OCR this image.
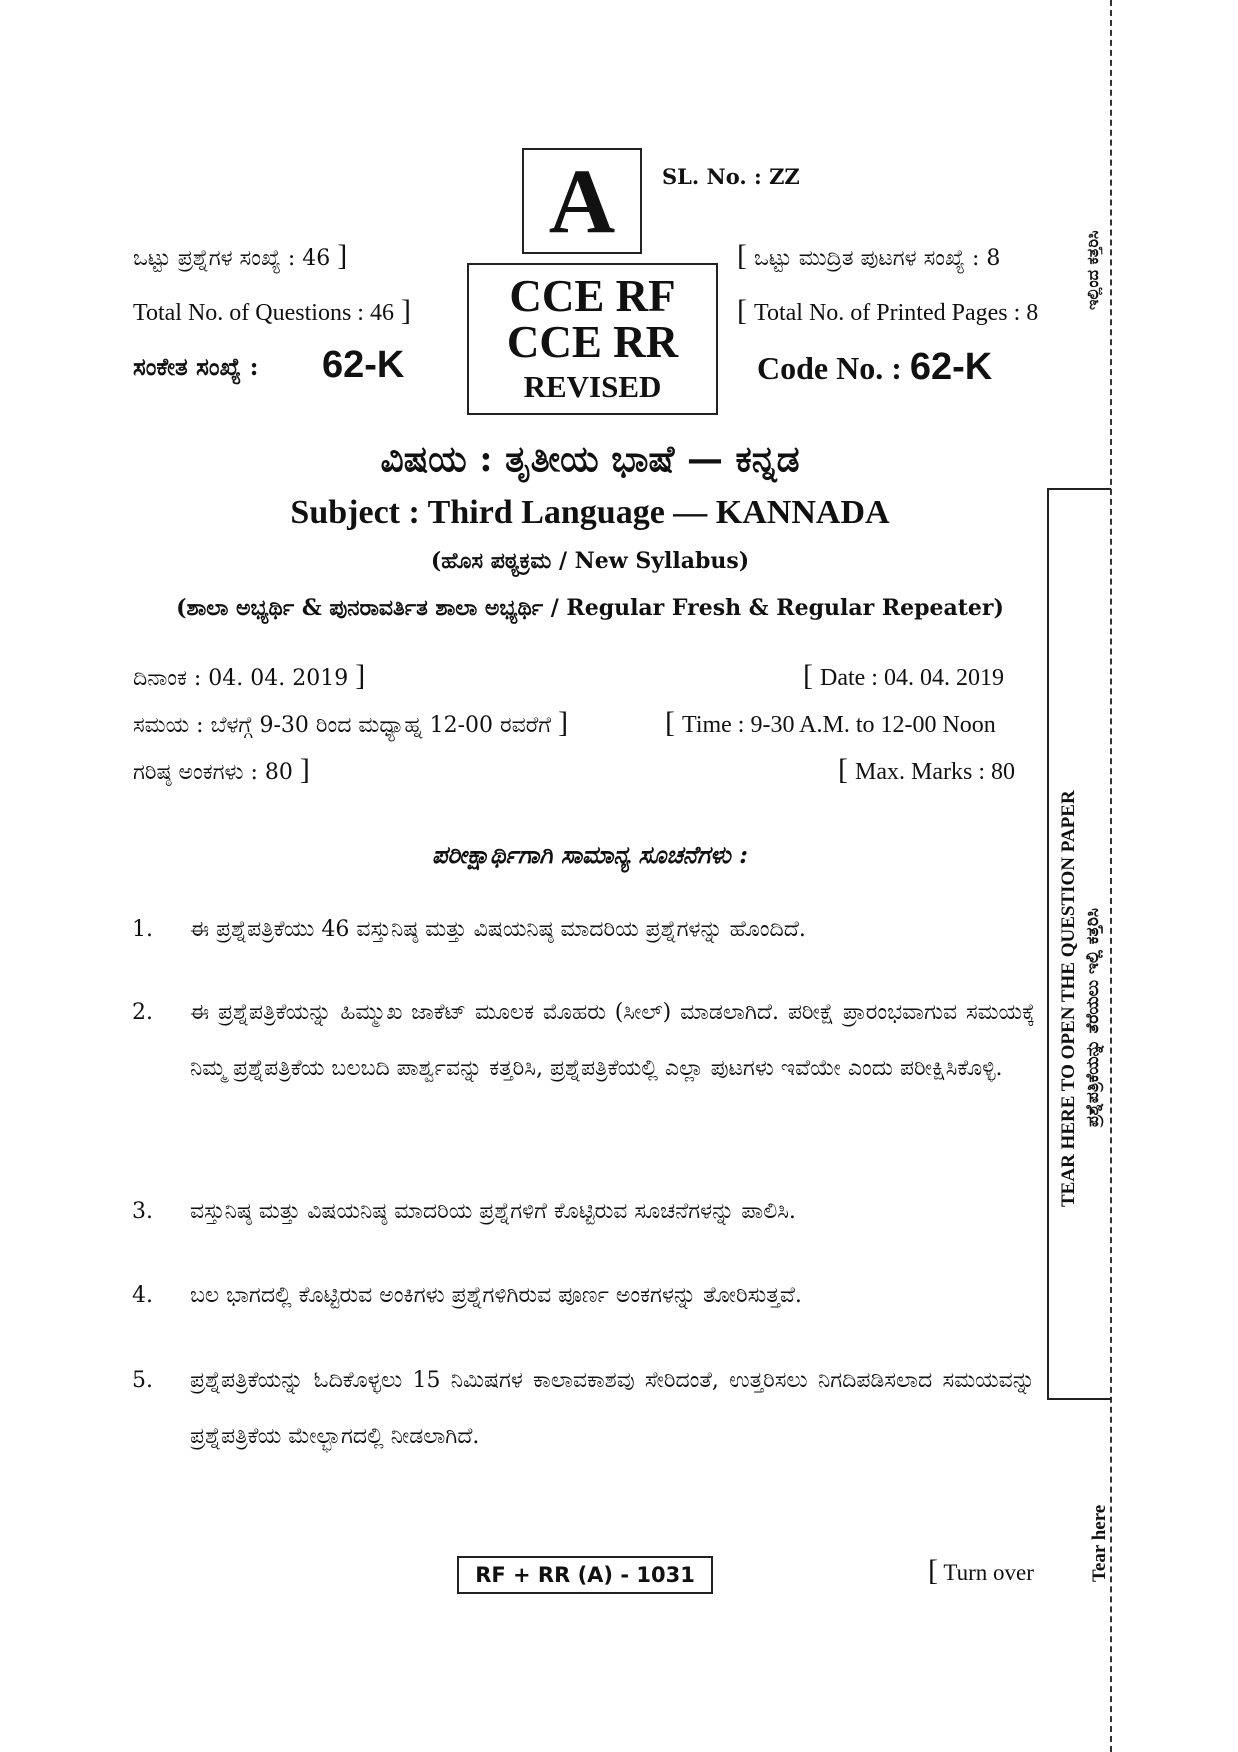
A	SL. No. : ZZ
ಒಟ್ಟು ಪ್ರಶ್ನೆಗಳ ಸಂಖ್ಯೆ : 46 ]
Total No. of Questions : 46 ]
ಸಂಕೇತ ಸಂಖ್ಯೆ : 62-K
CCE RF
CCE RR
REVISED
[ ಒಟ್ಟು ಮುದ್ರಿತ ಪುಟಗಳ ಸಂಖ್ಯೆ : 8
[ Total No. of Printed Pages : 8
Code No. : 62-K
ವಿಷಯ : ತೃತೀಯ ಭಾಷೆ — ಕನ್ನಡ
Subject : Third Language — KANNADA
(ಹೊಸ ಪಠ್ಯಕ್ರಮ / New Syllabus)
(ಶಾಲಾ ಅಭ್ಯರ್ಥಿ & ಪುನರಾವರ್ತಿತ ಶಾಲಾ ಅಭ್ಯರ್ಥಿ / Regular Fresh & Regular Repeater)
ದಿನಾಂಕ : 04. 04. 2019 ]	[ Date : 04. 04. 2019
ಸಮಯ : ಬೆಳಗ್ಗೆ 9-30 ರಿಂದ ಮಧ್ಯಾಹ್ನ 12-00 ರವರೆಗೆ ]	[ Time : 9-30 A.M. to 12-00 Noon
ಗರಿಷ್ಠ ಅಂಕಗಳು : 80 ]	[ Max. Marks : 80
ಪರೀಕ್ಷಾರ್ಥಿಗಾಗಿ ಸಾಮಾನ್ಯ ಸೂಚನೆಗಳು :
1. ಈ ಪ್ರಶ್ನೆಪತ್ರಿಕೆಯು 46 ವಸ್ತುನಿಷ್ಠ ಮತ್ತು ವಿಷಯನಿಷ್ಠ ಮಾದರಿಯ ಪ್ರಶ್ನೆಗಳನ್ನು ಹೊಂದಿದೆ.
2. ಈ ಪ್ರಶ್ನೆಪತ್ರಿಕೆಯನ್ನು ಹಿಮ್ಮುಖ ಜಾಕೆಟ್ ಮೂಲಕ ಮೊಹರು (ಸೀಲ್) ಮಾಡಲಾಗಿದೆ. ಪರೀಕ್ಷೆ ಪ್ರಾರಂಭವಾಗುವ ಸಮಯಕ್ಕೆ ನಿಮ್ಮ ಪ್ರಶ್ನೆಪತ್ರಿಕೆಯ ಬಲಬದಿ ಪಾರ್ಶ್ವವನ್ನು ಕತ್ತರಿಸಿ, ಪ್ರಶ್ನೆಪತ್ರಿಕೆಯಲ್ಲಿ ಎಲ್ಲಾ ಪುಟಗಳು ಇವೆಯೇ ಎಂದು ಪರೀಕ್ಷಿಸಿಕೊಳ್ಳಿ.
3. ವಸ್ತುನಿಷ್ಠ ಮತ್ತು ವಿಷಯನಿಷ್ಠ ಮಾದರಿಯ ಪ್ರಶ್ನೆಗಳಿಗೆ ಕೊಟ್ಟಿರುವ ಸೂಚನೆಗಳನ್ನು ಪಾಲಿಸಿ.
4. ಬಲ ಭಾಗದಲ್ಲಿ ಕೊಟ್ಟಿರುವ ಅಂಕಿಗಳು ಪ್ರಶ್ನೆಗಳಿಗಿರುವ ಪೂರ್ಣ ಅಂಕಗಳನ್ನು ತೋರಿಸುತ್ತವೆ.
5. ಪ್ರಶ್ನೆಪತ್ರಿಕೆಯನ್ನು ಓದಿಕೊಳ್ಳಲು 15 ನಿಮಿಷಗಳ ಕಾಲಾವಕಾಶವು ಸೇರಿದಂತೆ, ಉತ್ತರಿಸಲು ನಿಗದಿಪಡಿಸಲಾದ ಸಮಯವನ್ನು ಪ್ರಶ್ನೆಪತ್ರಿಕೆಯ ಮೇಲ್ಭಾಗದಲ್ಲಿ ನೀಡಲಾಗಿದೆ.
RF + RR (A) - 1031	[ Turn over
ಇಲ್ಲಿಂದ ಕತ್ತರಿಸಿ
TEAR HERE TO OPEN THE QUESTION PAPER ಪ್ರಶ್ನೆಪತ್ರಿಕೆಯನ್ನು ತೆರೆಯಲು ಇಲ್ಲಿ ಕತ್ತರಿಸಿ
Tear here
